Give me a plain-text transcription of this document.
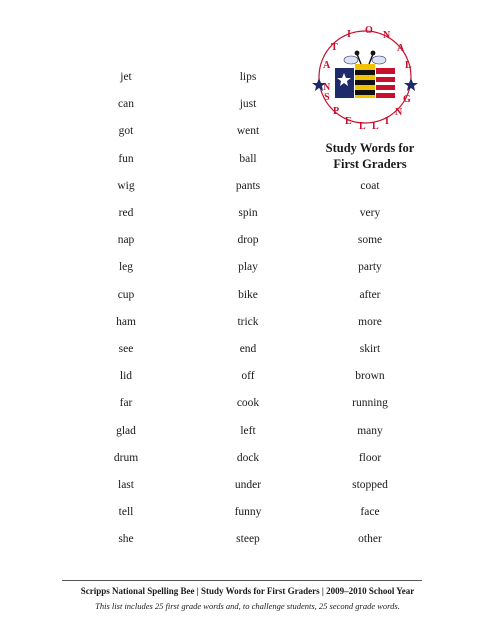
N
A
T
I O N
A
L
S
P
E L L I
N
G
Study Words for
First Graders
jet
can
got
fun
wig
red
nap
leg
cup
ham
see
lid
far
glad
drum
last
tell
she
lips
just
went
ball
pants
spin
drop
play
bike
trick
end
off
cook
left
dock
under
funny
steep
coat
very
some
party
after
more
skirt
brown
running
many
floor
stopped
face
other
Scripps National Spelling Bee | Study Words for First Graders | 2009–2010 School Year
This list includes 25 first grade words and, to challenge students, 25 second grade words.
